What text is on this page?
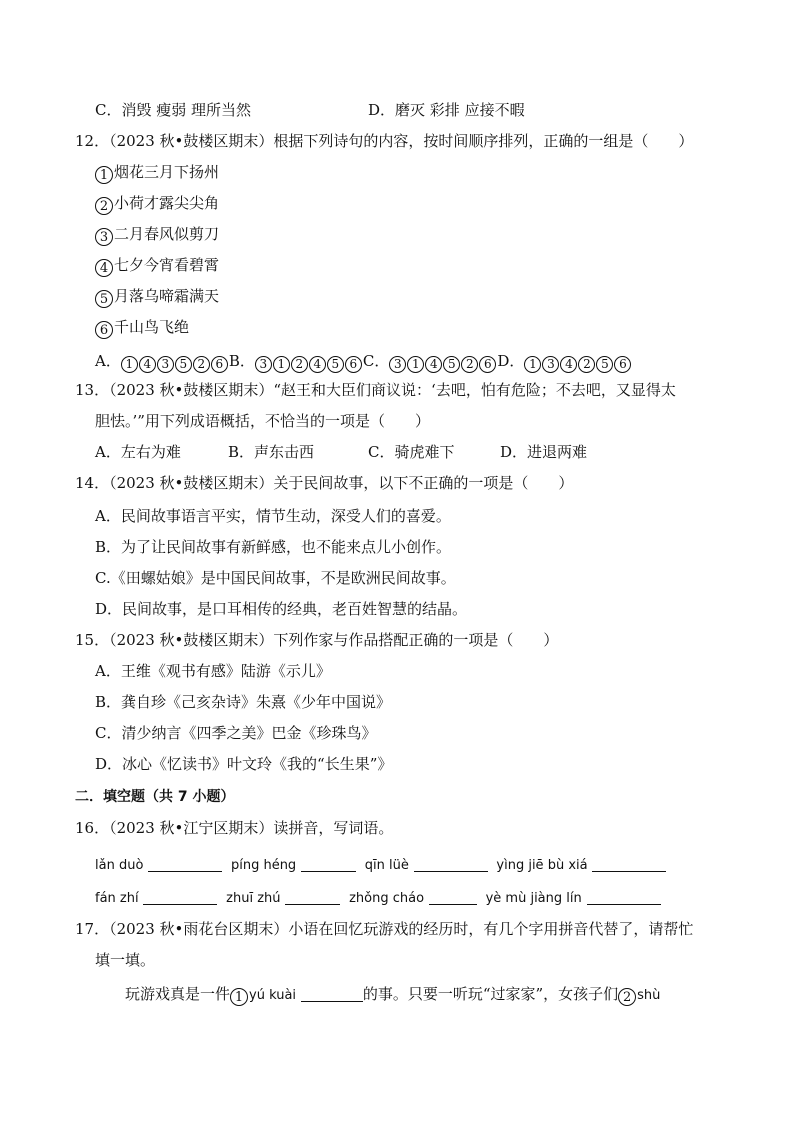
C．消毁 瘦弱 理所当然	D．磨灭 彩排 应接不暇
12．（2023 秋•鼓楼区期末）根据下列诗句的内容，按时间顺序排列，正确的一组是（　　）
1 烟花三月下扬州
2 小荷才露尖尖角
3 二月春风似剪刀
4 七夕今宵看碧霄
5 月落乌啼霜满天
6 千山鸟飞绝
A． 1 4 3 5 2 6 B． 3 1 2 4 5 6 C． 3 1 4 5 2 6 D． 1 3 4 2 5 6
13．（2023 秋•鼓楼区期末）“赵王和大臣们商议说：‘去吧，怕有危险；不去吧，又显得太
胆怯。’”用下列成语概括，不恰当的一项是（　　）
A．左右为难	B．声东击西	C．骑虎难下	D．进退两难
14．（2023 秋•鼓楼区期末）关于民间故事，以下不正确的一项是（　　）
A．民间故事语言平实，情节生动，深受人们的喜爱。
B．为了让民间故事有新鲜感，也不能来点儿小创作。
C.《田螺姑娘》是中国民间故事，不是欧洲民间故事。
D．民间故事，是口耳相传的经典，老百姓智慧的结晶。
15．（2023 秋•鼓楼区期末）下列作家与作品搭配正确的一项是（　　）
A．王维《观书有感》陆游《示儿》
B．龚自珍《己亥杂诗》朱熹《少年中国说》
C．清少纳言《四季之美》巴金《珍珠鸟》
D．冰心《忆读书》叶文玲《我的“长生果”》
二．填空题（共 7 小题）
16．（2023 秋•江宁区期末）读拼音，写词语。
lǎn duò	píng héng	qīn lüè	yìng jiē bù xiá
fán zhí	zhuī zhú	zhǒng cháo	yè mù jiàng lín
17．（2023 秋•雨花台区期末）小语在回忆玩游戏的经历时，有几个字用拼音代替了，请帮忙
填一填。
玩游戏真是一件 1 yú kuài	的事。只要一听玩“过家家”，女孩子们 2 shù
